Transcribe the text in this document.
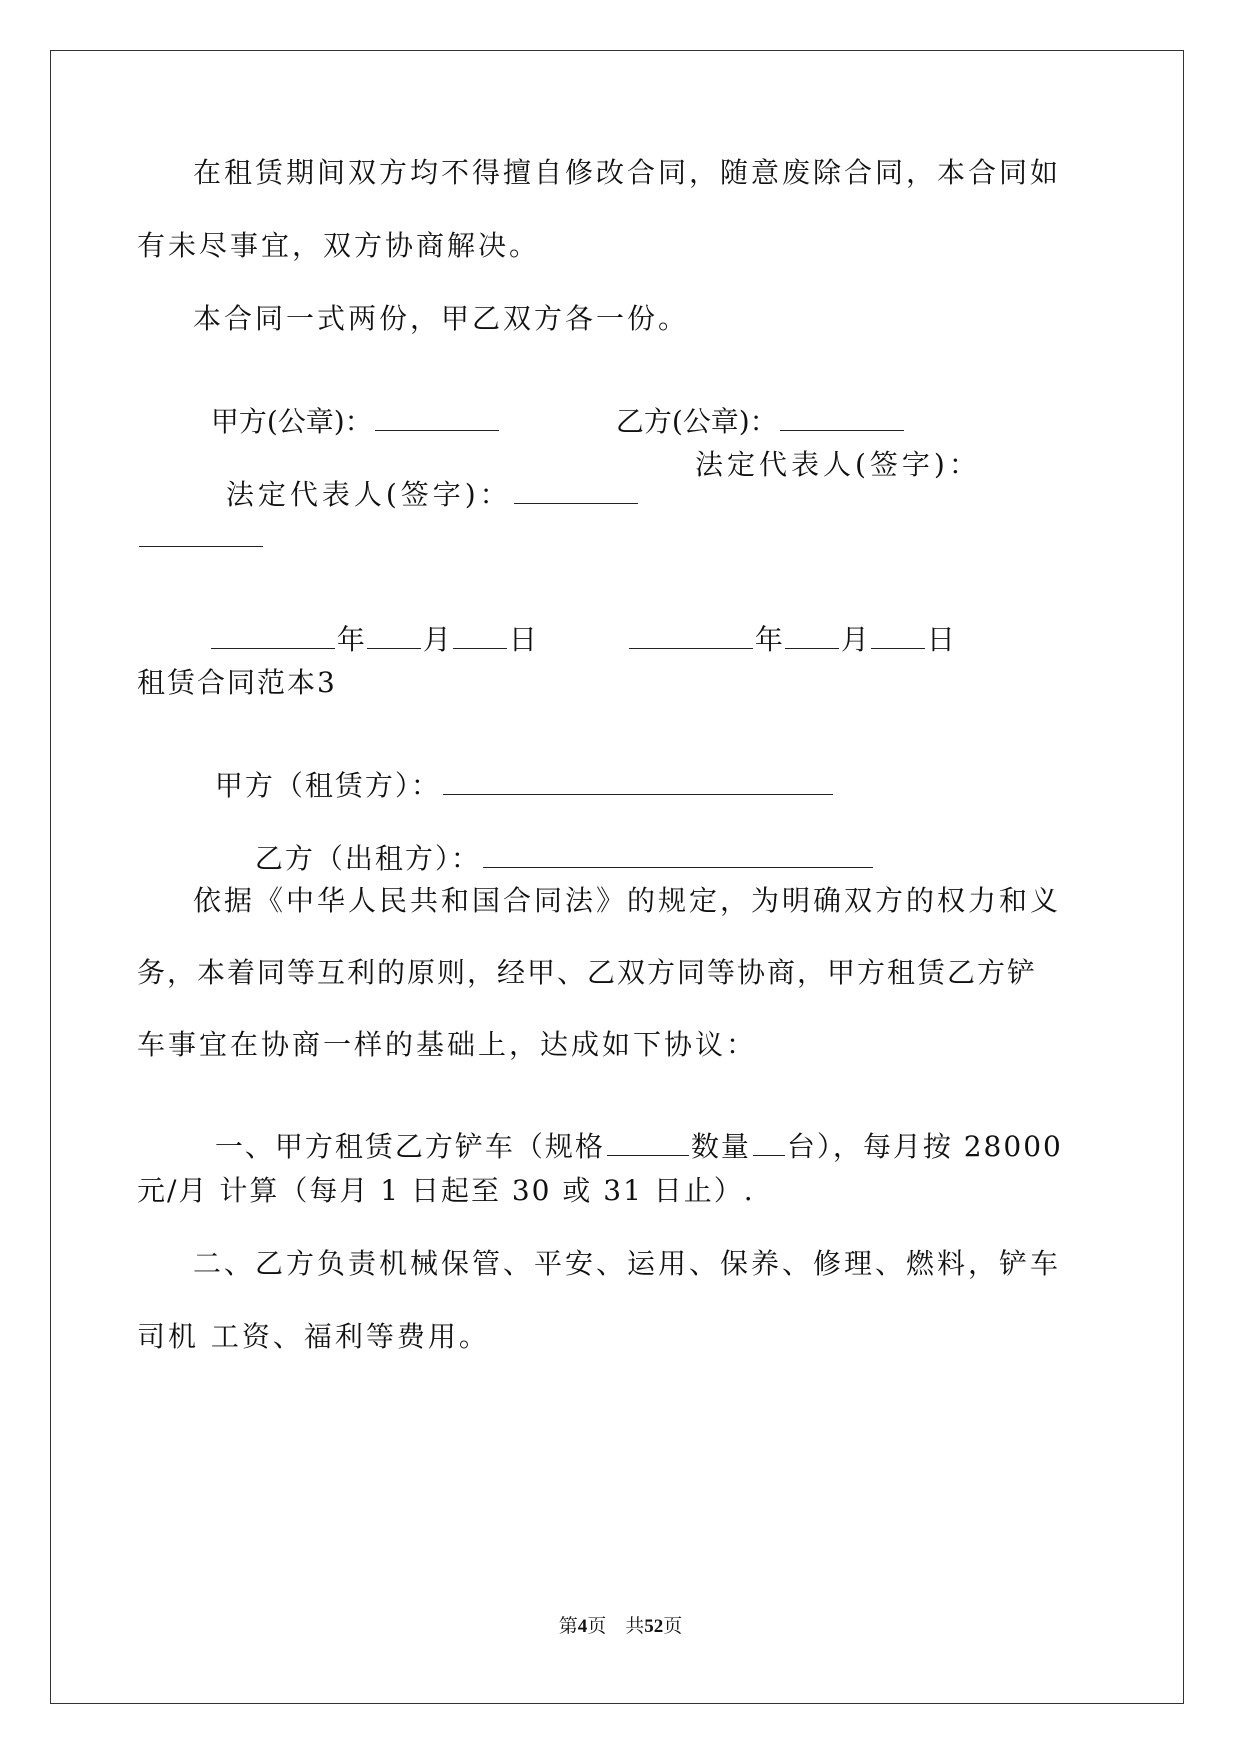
在租赁期间双方均不得擅自修改合同，随意废除合同，本合同如
有未尽事宜，双方协商解决。
本合同一式两份，甲乙双方各一份。

甲方(公章)：	乙方(公章)：

法定代表人(签字)：

法定代表人(签字)：

年 月 日	年 月 日

租赁合同范本3

甲方（租赁方）：

乙方（出租方）：

依据《中华人民共和国合同法》的规定，为明确双方的权力和义
务，本着同等互利的原则，经甲、乙双方同等协商，甲方租赁乙方铲
车事宜在协商一样的基础上，达成如下协议：

一、甲方租赁乙方铲车（规格	数量 台），每月按 28000

元/月 计算（每月 1 日起至 30 或 31 日止）.
二、乙方负责机械保管、平安、运用、保养、修理、燃料，铲车
司机 工资、福利等费用。
第4页　共52页
